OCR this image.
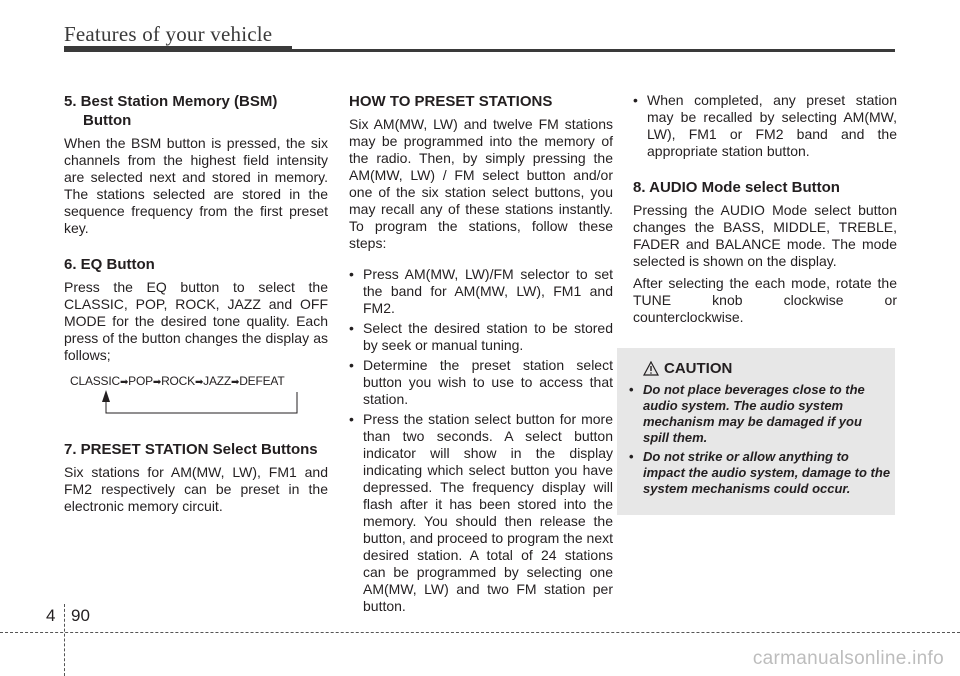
Features of your vehicle
5. Best Station Memory (BSM) Button

When the BSM button is pressed, the six channels from the highest field intensity are selected next and stored in memory. The stations selected are stored in the sequence frequency from the first preset key.

6. EQ Button

Press the EQ button to select the CLASSIC, POP, ROCK, JAZZ and OFF MODE for the desired tone quality. Each press of the button changes the display as follows;

CLASSIC➡POP➡ROCK➡JAZZ➡DEFEAT
7. PRESET STATION Select Buttons

Six stations for AM(MW, LW), FM1 and FM2 respectively can be preset in the electronic memory circuit.

HOW TO PRESET STATIONS

Six AM(MW, LW) and twelve FM stations may be programmed into the memory of the radio. Then, by simply pressing the AM(MW, LW) / FM select button and/or one of the six station select buttons, you may recall any of these stations instantly. To program the stations, follow these steps:

• Press AM(MW, LW)/FM selector to set the band for AM(MW, LW), FM1 and FM2.
• Select the desired station to be stored by seek or manual tuning.
• Determine the preset station select button you wish to use to access that station.
• Press the station select button for more than two seconds. A select button indicator will show in the display indicating which select button you have depressed. The frequency display will flash after it has been stored into the memory. You should then release the button, and proceed to program the next desired station. A total of 24 stations can be programmed by selecting one AM(MW, LW) and two FM station per button.
• When completed, any preset station may be recalled by selecting AM(MW, LW), FM1 or FM2 band and the appropriate station button.
8. AUDIO Mode select Button

Pressing the AUDIO Mode select button changes the BASS, MIDDLE, TREBLE, FADER and BALANCE mode. The mode selected is shown on the display.

After selecting the each mode, rotate the TUNE knob clockwise or counterclockwise.

CAUTION
• Do not place beverages close to the audio system. The audio system mechanism may be damaged if you spill them.
• Do not strike or allow anything to impact the audio system, damage to the system mechanisms could occur.
4 90
carmanualsonline.info
